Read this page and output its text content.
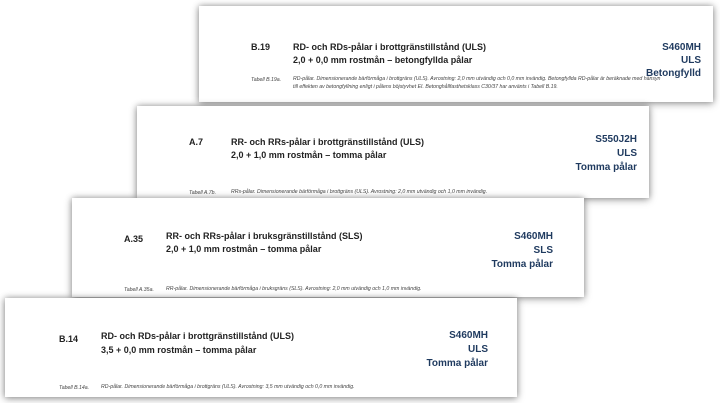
B.19	RD- och RDs-pålar i brottgränstillstånd (ULS)
2,0 + 0,0 mm rostmån – betongfyllda pålar
S460MH
ULS
Betongfylld
Tabell B.19a. RD-pålar. Dimensionerande bärförmåga i brottgräns (ULS). Avrostning: 2,0 mm utvändig och 0,0 mm invändig. Betongfyllda RD-pålar är beräknade med hänsyn till effekten av betongfyllning enligt i pålens böjstyvhet EI. Betonghållfasthetsklass C30/37 har använts i Tabell B.19.
A.7	RR- och RRs-pålar i brottgränstillstånd (ULS)
2,0 + 1,0 mm rostmån – tomma pålar
S550J2H
ULS
Tomma pålar
Tabell A.7b.	RRs-pålar. Dimensionerande bärförmåga i brottgräns (ULS). Avrostning: 2,0 mm utvändig och 1,0 mm invändig.
A.35	RR- och RRs-pålar i bruksgränstillstånd (SLS)
2,0 + 1,0 mm rostmån – tomma pålar
S460MH
SLS
Tomma pålar
Tabell A.35a. RR-pålar. Dimensionerande bärförmåga i bruksgräns (SLS). Avrostning: 2,0 mm utvändig och 1,0 mm invändig.
B.14	RD- och RDs-pålar i brottgränstillstånd (ULS)
3,5 + 0,0 mm rostmån – tomma pålar
S460MH
ULS
Tomma pålar
Tabell B.14a. RD-pålar. Dimensionerande bärförmåga i brottgräns (ULS). Avrostning: 3,5 mm utvändig och 0,0 mm invändig.
